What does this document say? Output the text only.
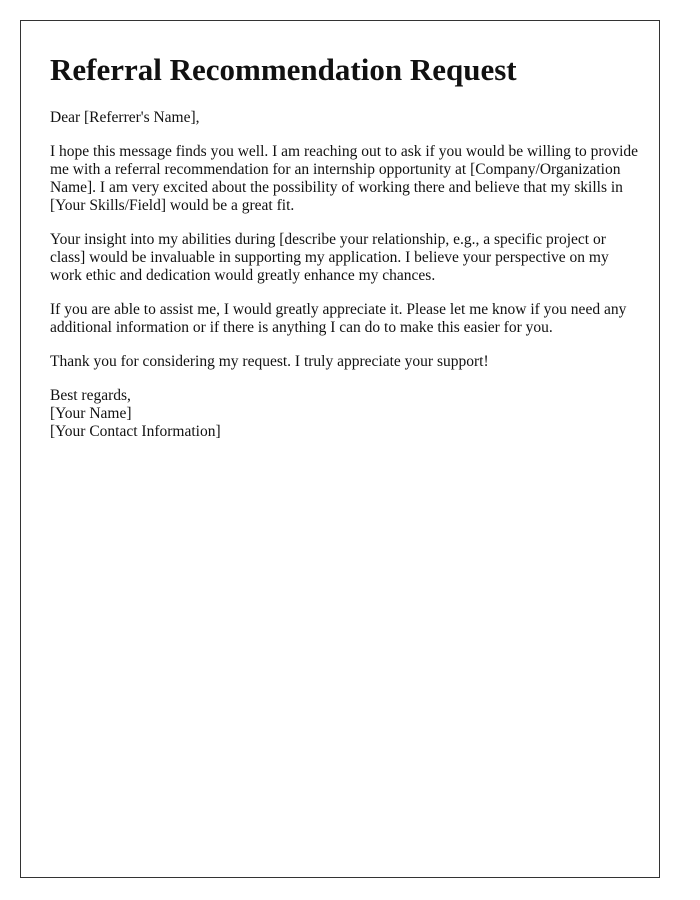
Referral Recommendation Request

Dear [Referrer's Name],

I hope this message finds you well. I am reaching out to ask if you would be willing to provide me with a referral recommendation for an internship opportunity at [Company/Organization Name]. I am very excited about the possibility of working there and believe that my skills in [Your Skills/Field] would be a great fit.

Your insight into my abilities during [describe your relationship, e.g., a specific project or class] would be invaluable in supporting my application. I believe your perspective on my work ethic and dedication would greatly enhance my chances.

If you are able to assist me, I would greatly appreciate it. Please let me know if you need any additional information or if there is anything I can do to make this easier for you.

Thank you for considering my request. I truly appreciate your support!

Best regards,
[Your Name]
[Your Contact Information]
